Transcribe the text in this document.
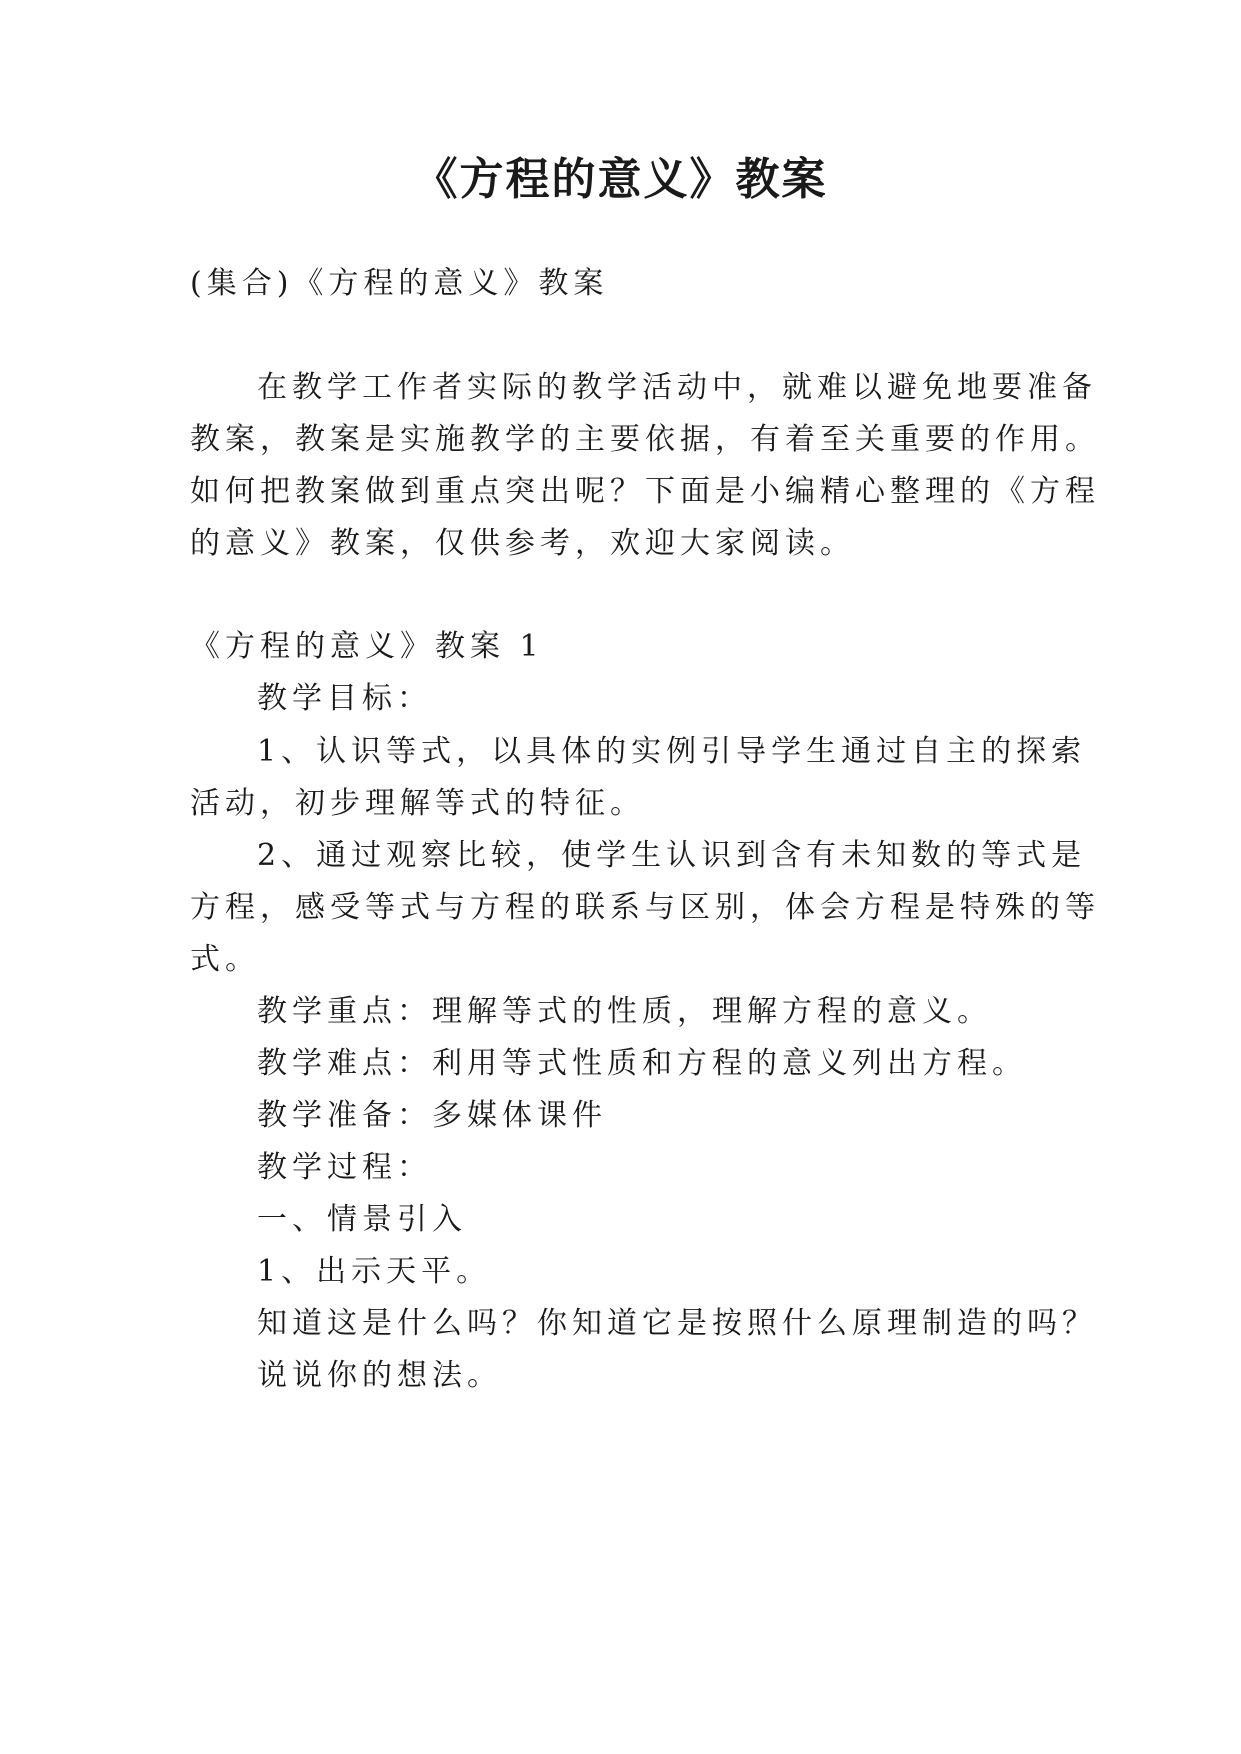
《方程的意义》教案
(集合)《方程的意义》教案
在教学工作者实际的教学活动中，就难以避免地要准备
教案，教案是实施教学的主要依据，有着至关重要的作用。
如何把教案做到重点突出呢？下面是小编精心整理的《方程
的意义》教案，仅供参考，欢迎大家阅读。
《方程的意义》教案 1
教学目标：
1、认识等式，以具体的实例引导学生通过自主的探索
活动，初步理解等式的特征。
2、通过观察比较，使学生认识到含有未知数的等式是
方程，感受等式与方程的联系与区别，体会方程是特殊的等
式。
教学重点：理解等式的性质，理解方程的意义。
教学难点：利用等式性质和方程的意义列出方程。
教学准备：多媒体课件
教学过程：
一、情景引入
1、出示天平。
知道这是什么吗？你知道它是按照什么原理制造的吗？
说说你的想法。
